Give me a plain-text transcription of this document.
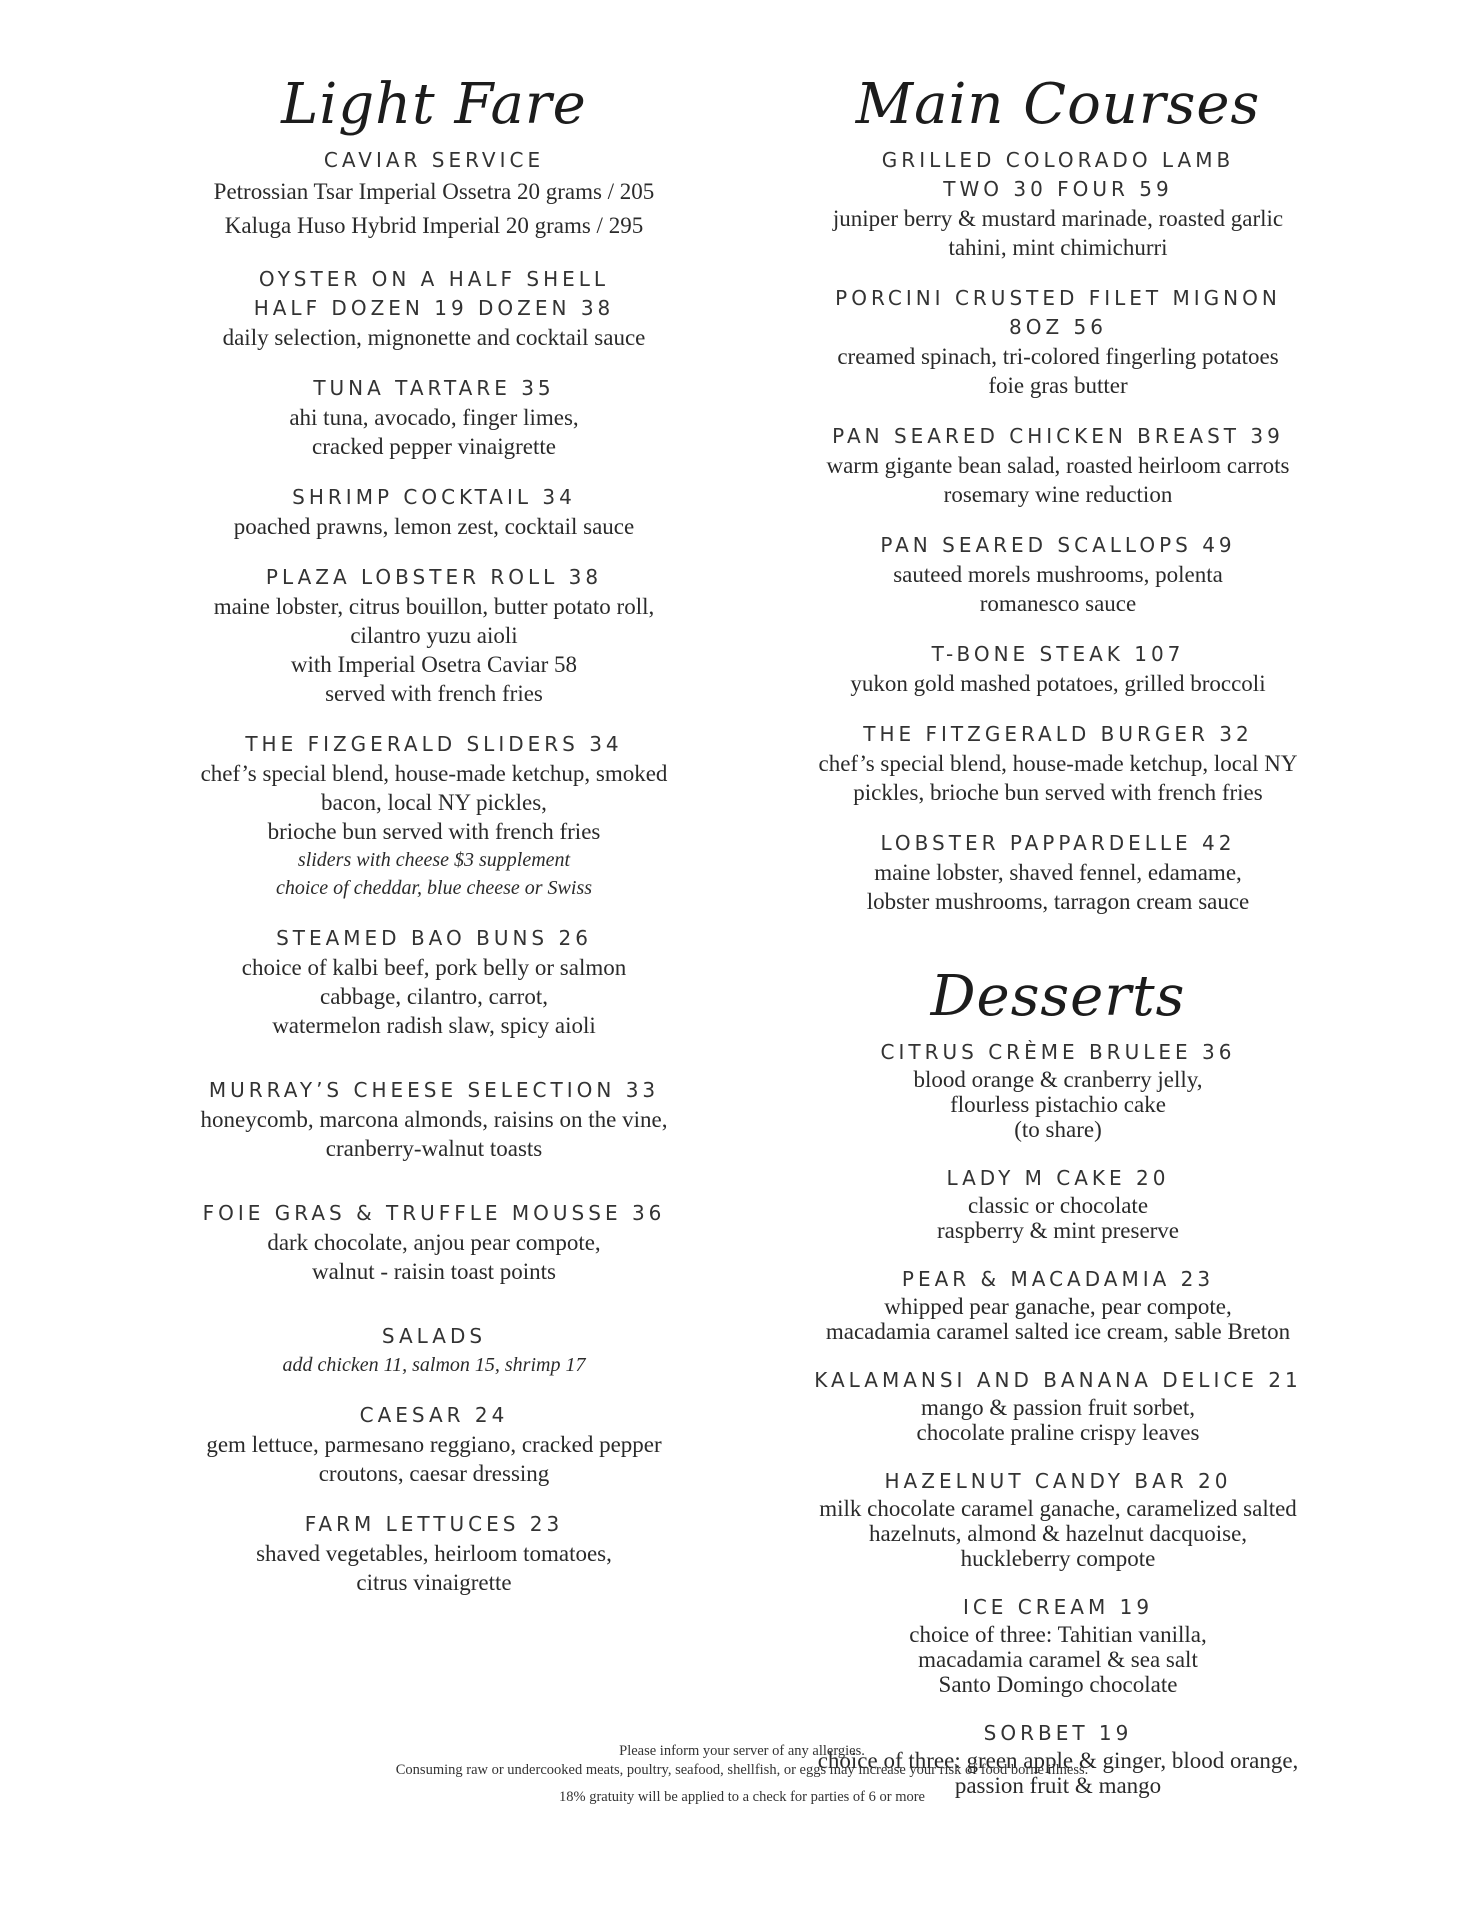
Light Fare

CAVIAR SERVICE

Petrossian Tsar Imperial Ossetra 20 grams / 205

Kaluga Huso Hybrid Imperial 20 grams / 295

OYSTER ON A HALF SHELL

HALF DOZEN 19 DOZEN 38

daily selection, mignonette and cocktail sauce

TUNA TARTARE 35

ahi tuna, avocado, finger limes,

cracked pepper vinaigrette

SHRIMP COCKTAIL 34

poached prawns, lemon zest, cocktail sauce

PLAZA LOBSTER ROLL 38

maine lobster, citrus bouillon, butter potato roll,

cilantro yuzu aioli

with Imperial Osetra Caviar 58

served with french fries

THE FIZGERALD SLIDERS 34

chef’s special blend, house-made ketchup, smoked

bacon, local NY pickles,

brioche bun served with french fries

sliders with cheese $3 supplement

choice of cheddar, blue cheese or Swiss

STEAMED BAO BUNS 26

choice of kalbi beef, pork belly or salmon

cabbage, cilantro, carrot,

watermelon radish slaw, spicy aioli

MURRAY’S CHEESE SELECTION 33

honeycomb, marcona almonds, raisins on the vine,

cranberry-walnut toasts

FOIE GRAS & TRUFFLE MOUSSE 36

dark chocolate, anjou pear compote,

walnut - raisin toast points

SALADS

add chicken 11, salmon 15, shrimp 17

CAESAR 24

gem lettuce, parmesano reggiano, cracked pepper

croutons, caesar dressing

FARM LETTUCES 23

shaved vegetables, heirloom tomatoes,

citrus vinaigrette

Main Courses

GRILLED COLORADO LAMB

TWO 30 FOUR 59

juniper berry & mustard marinade, roasted garlic

tahini, mint chimichurri

PORCINI CRUSTED FILET MIGNON

8OZ 56

creamed spinach, tri-colored fingerling potatoes

foie gras butter

PAN SEARED CHICKEN BREAST 39

warm gigante bean salad, roasted heirloom carrots

rosemary wine reduction

PAN SEARED SCALLOPS 49

sauteed morels mushrooms, polenta

romanesco sauce

T-BONE STEAK 107

yukon gold mashed potatoes, grilled broccoli

THE FITZGERALD BURGER 32

chef’s special blend, house-made ketchup, local NY

pickles, brioche bun served with french fries

LOBSTER PAPPARDELLE 42

maine lobster, shaved fennel, edamame,

lobster mushrooms, tarragon cream sauce

Desserts

CITRUS CRÈME BRULEE 36

blood orange & cranberry jelly,

flourless pistachio cake

(to share)

LADY M CAKE 20

classic or chocolate

raspberry & mint preserve

PEAR & MACADAMIA 23

whipped pear ganache, pear compote,

macadamia caramel salted ice cream, sable Breton

KALAMANSI AND BANANA DELICE 21

mango & passion fruit sorbet,

chocolate praline crispy leaves

HAZELNUT CANDY BAR 20

milk chocolate caramel ganache, caramelized salted

hazelnuts, almond & hazelnut dacquoise,

huckleberry compote

ICE CREAM 19

choice of three: Tahitian vanilla,

macadamia caramel & sea salt

Santo Domingo chocolate

SORBET 19

choice of three: green apple & ginger, blood orange,

passion fruit & mango

Please inform your server of any allergies.

Consuming raw or undercooked meats, poultry, seafood, shellfish, or eggs may increase your risk of food borne illness.

18% gratuity will be applied to a check for parties of 6 or more
